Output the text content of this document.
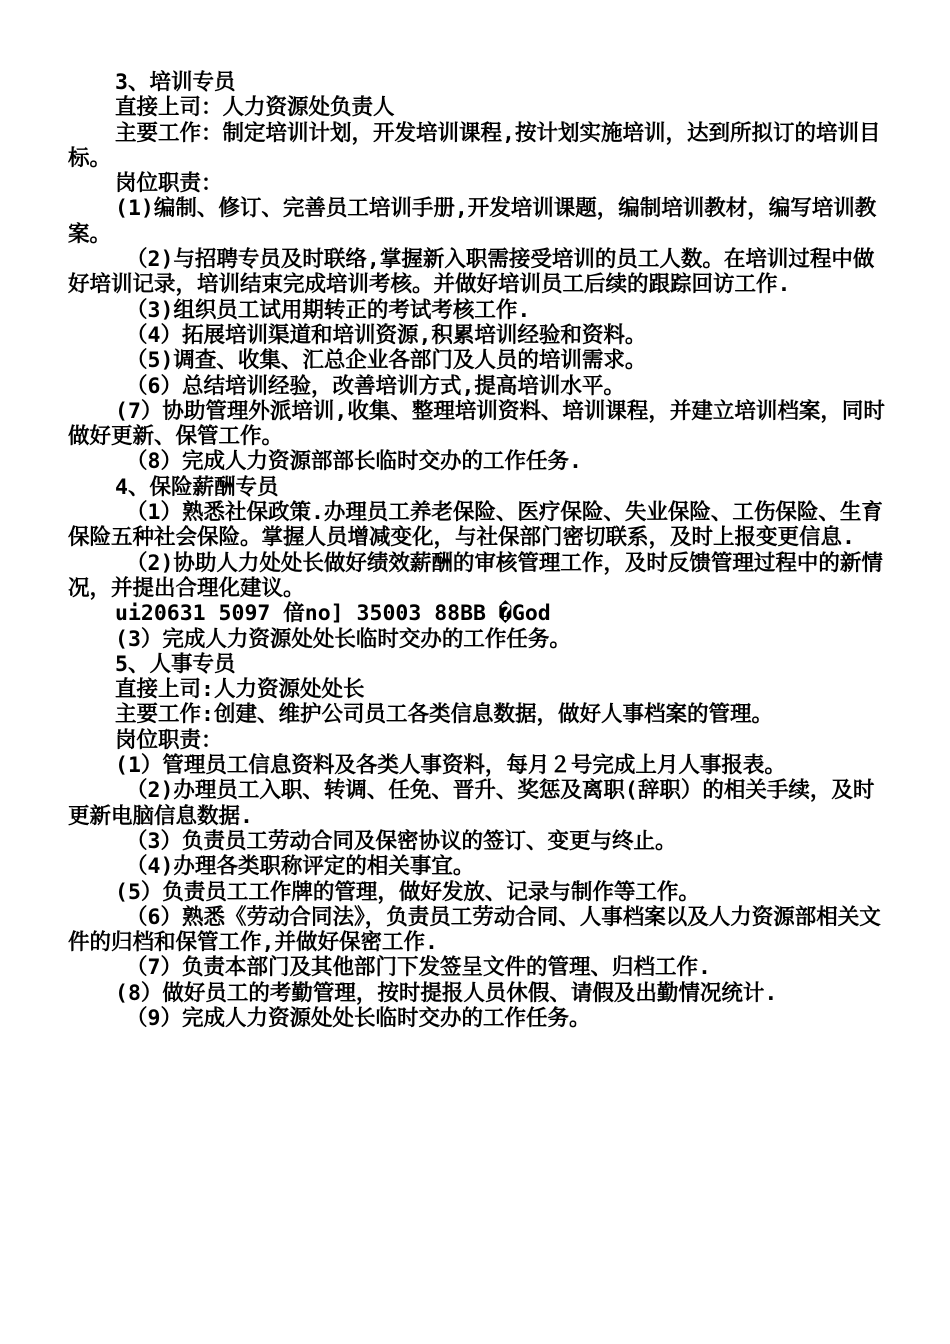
3、培训专员

直接上司：人力资源处负责人

主要工作：制定培训计划，开发培训课程,按计划实施培训，达到所拟订的培训目标。

岗位职责：

(1)编制、修订、完善员工培训手册,开发培训课题，编制培训教材，编写培训教案。

（2)与招聘专员及时联络,掌握新入职需接受培训的员工人数。在培训过程中做好培训记录，培训结束完成培训考核。并做好培训员工后续的跟踪回访工作.

（3)组织员工试用期转正的考试考核工作.

（4）拓展培训渠道和培训资源,积累培训经验和资料。

（5)调查、收集、汇总企业各部门及人员的培训需求。

（6）总结培训经验，改善培训方式,提高培训水平。

(7）协助管理外派培训,收集、整理培训资料、培训课程，并建立培训档案，同时做好更新、保管工作。

（8）完成人力资源部部长临时交办的工作任务.

4、保险薪酬专员

（1）熟悉社保政策.办理员工养老保险、医疗保险、失业保险、工伤保险、生育保险五种社会保险。掌握人员增减变化，与社保部门密切联系，及时上报变更信息.

（2)协助人力处处长做好绩效薪酬的审核管理工作，及时反馈管理过程中的新情况，并提出合理化建议。

ui20631 5097 偣no] 35003 88BB �God

(3）完成人力资源处处长临时交办的工作任务。

5、人事专员

直接上司:人力资源处处长

主要工作:创建、维护公司员工各类信息数据，做好人事档案的管理。

岗位职责：

(1）管理员工信息资料及各类人事资料，每月２号完成上月人事报表。

（2)办理员工入职、转调、任免、晋升、奖惩及离职(辞职）的相关手续，及时更新电脑信息数据.

（3）负责员工劳动合同及保密协议的签订、变更与终止。

（4)办理各类职称评定的相关事宜。

(5）负责员工工作牌的管理，做好发放、记录与制作等工作。

（6）熟悉《劳动合同法》，负责员工劳动合同、人事档案以及人力资源部相关文件的归档和保管工作,并做好保密工作.

（7）负责本部门及其他部门下发签呈文件的管理、归档工作.

(8）做好员工的考勤管理，按时提报人员休假、请假及出勤情况统计.

（9）完成人力资源处处长临时交办的工作任务。
